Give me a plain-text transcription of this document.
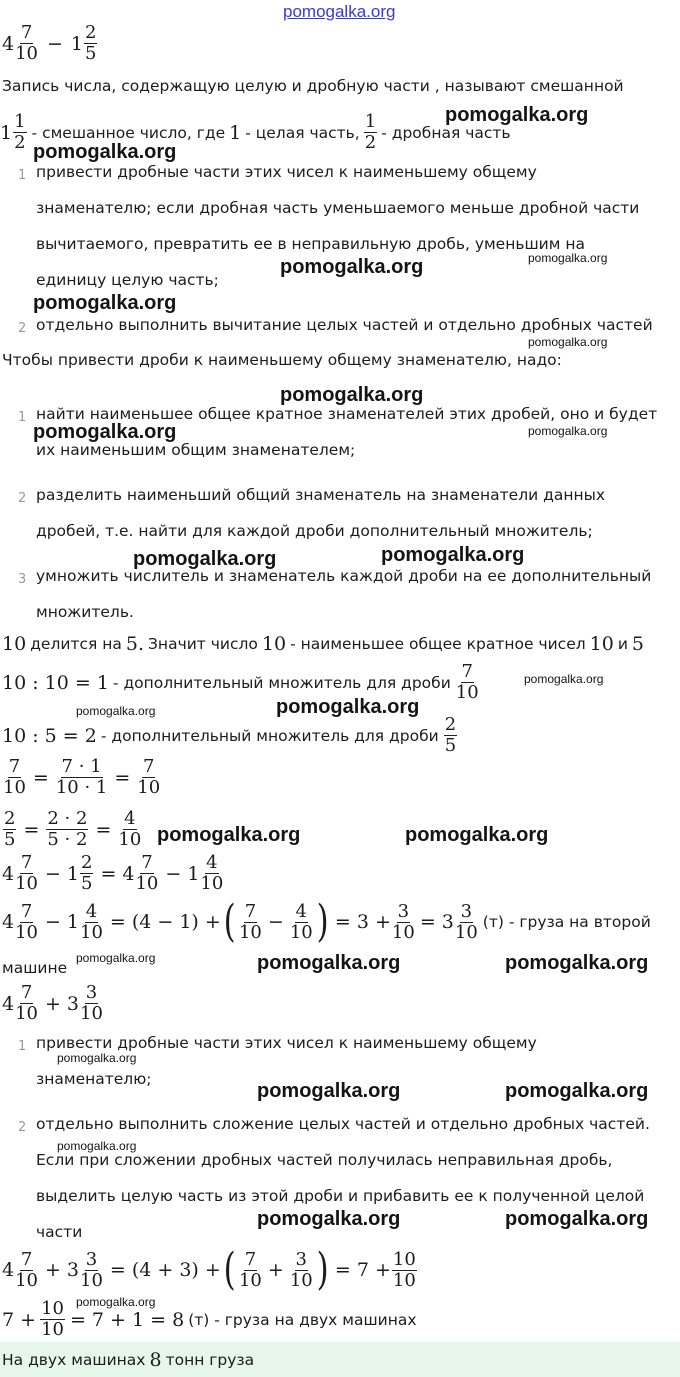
pomogalka.org
$4 \frac{7}{10} - 1 \frac{2}{5}$
Запись числа, содержащую целую и дробную части , называют смешанной
$1 \frac{1}{2}$ - смешанное число, где 1 - целая часть, $\frac{1}{2}$ - дробная часть
1 привести дробные части этих чисел к наименьшему общему
знаменателю; если дробная часть уменьшаемого меньше дробной части
вычитаемого, превратить ее в неправильную дробь, уменьшим на
единицу целую часть;
2 отдельно выполнить вычитание целых частей и отдельно дробных частей
Чтобы привести дроби к наименьшему общему знаменателю, надо:
1 найти наименьшее общее кратное знаменателей этих дробей, оно и будет
их наименьшим общим знаменателем;
2 разделить наименьший общий знаменатель на знаменатели данных
дробей, т.е. найти для каждой дроби дополнительный множитель;
3 умножить числитель и знаменатель каждой дроби на ее дополнительный
множитель.
10 делится на 5. Значит число 10 - наименьшее общее кратное чисел 10 и 5
10 : 10 = 1 - дополнительный множитель для дроби $\frac{7}{10}$
10 : 5 = 2 - дополнительный множитель для дроби $\frac{2}{5}$
$\frac{7}{10} = \frac{7 \cdot 1}{10 \cdot 1} = \frac{7}{10}$
$\frac{2}{5} = \frac{2 \cdot 2}{5 \cdot 2} = \frac{4}{10}$
$4 \frac{7}{10} - 1 \frac{2}{5} = 4 \frac{7}{10} - 1 \frac{4}{10}$
$4 \frac{7}{10} - 1 \frac{4}{10} = (4 - 1)$ + ( $\frac{7}{10} - \frac{4}{10}$ ) = $3 + \frac{3}{10} = 3 \frac{3}{10} (т)$ - груза на второй
машине
$4 \frac{7}{10} + 3 \frac{3}{10}$
1 привести дробные части этих чисел к наименьшему общему
знаменателю;
2 отдельно выполнить сложение целых частей и отдельно дробных частей.
Если при сложении дробных частей получилась неправильная дробь,
выделить целую часть из этой дроби и прибавить ее к полученной целой
части
$4 \frac{7}{10} + 3 \frac{3}{10} = (4 + 3)$ + ( $\frac{7}{10} + \frac{3}{10}$ ) = $7 + \frac{10}{10}$
$7 + \frac{10}{10} = 7 + 1 = 8$ (т) - груза на двух машинах
На двух машинах 8 тонн груза
pomogalka.org
pomogalka.org
pomogalka.org	pomogalka.org
pomogalka.org
pomogalka.org
pomogalka.org
pomogalka.org	pomogalka.org
pomogalka.org	pomogalka.org
pomogalka.org
pomogalka.org	pomogalka.org
pomogalka.org	pomogalka.org
pomogalka.org	pomogalka.org	pomogalka.org
pomogalka.org
pomogalka.org	pomogalka.org
pomogalka.org
pomogalka.org	pomogalka.org
pomogalka.org
